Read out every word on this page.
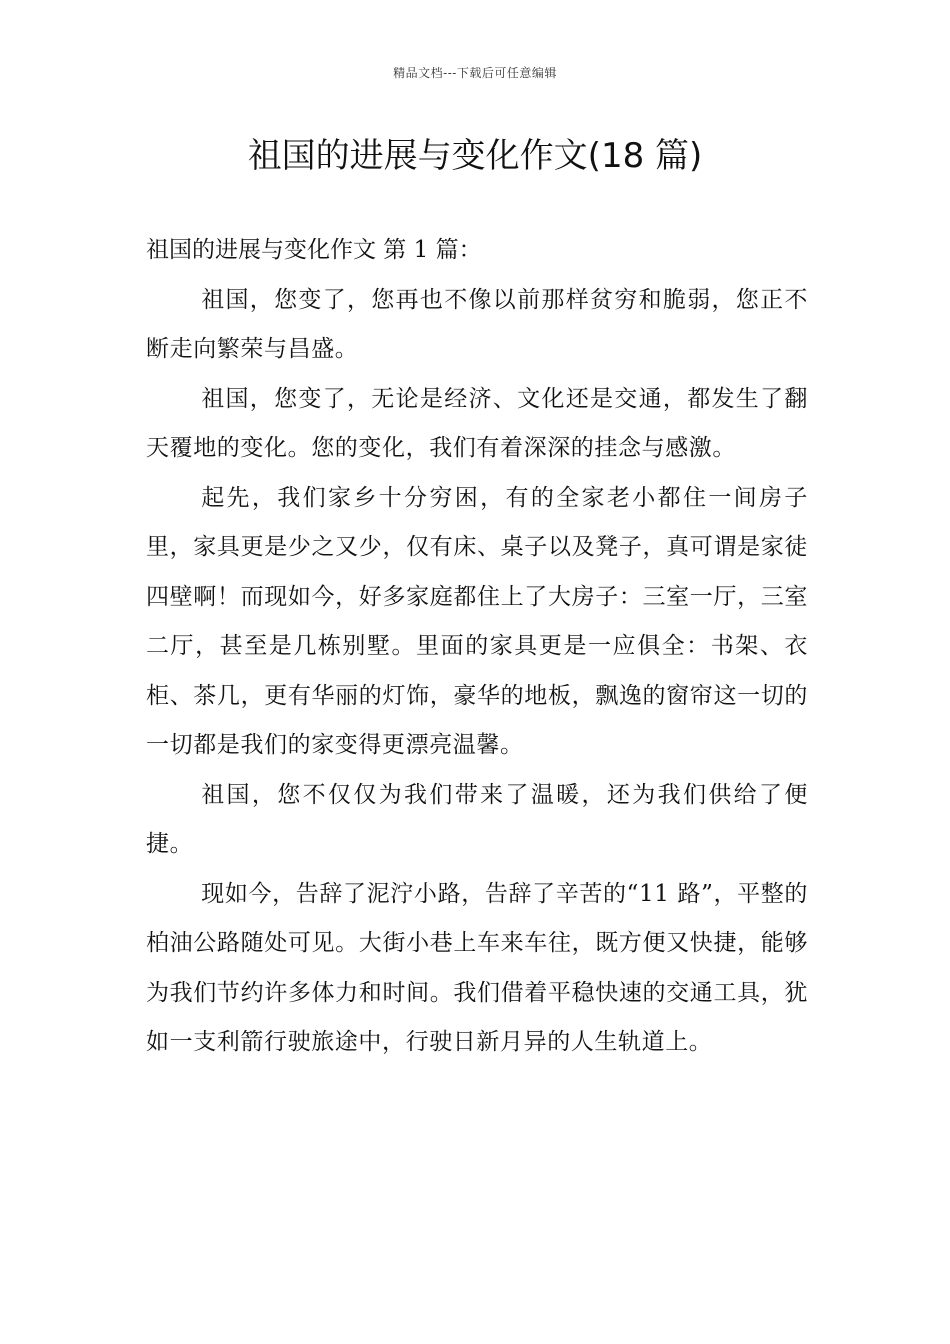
精品文档---下载后可任意编辑
祖国的进展与变化作文(18 篇)

祖国的进展与变化作文 第 1 篇：

祖国，您变了，您再也不像以前那样贫穷和脆弱，您正不断走向繁荣与昌盛。

祖国，您变了，无论是经济、文化还是交通，都发生了翻天覆地的变化。您的变化，我们有着深深的挂念与感激。

起先，我们家乡十分穷困，有的全家老小都住一间房子里，家具更是少之又少，仅有床、桌子以及凳子，真可谓是家徒四壁啊！而现如今，好多家庭都住上了大房子：三室一厅，三室二厅，甚至是几栋别墅。里面的家具更是一应俱全：书架、衣柜、茶几，更有华丽的灯饰，豪华的地板，飘逸的窗帘这一切的一切都是我们的家变得更漂亮温馨。

祖国，您不仅仅为我们带来了温暖，还为我们供给了便捷。

现如今，告辞了泥泞小路，告辞了辛苦的“11 路”，平整的柏油公路随处可见。大街小巷上车来车往，既方便又快捷，能够为我们节约许多体力和时间。我们借着平稳快速的交通工具，犹如一支利箭行驶旅途中，行驶日新月异的人生轨道上。
